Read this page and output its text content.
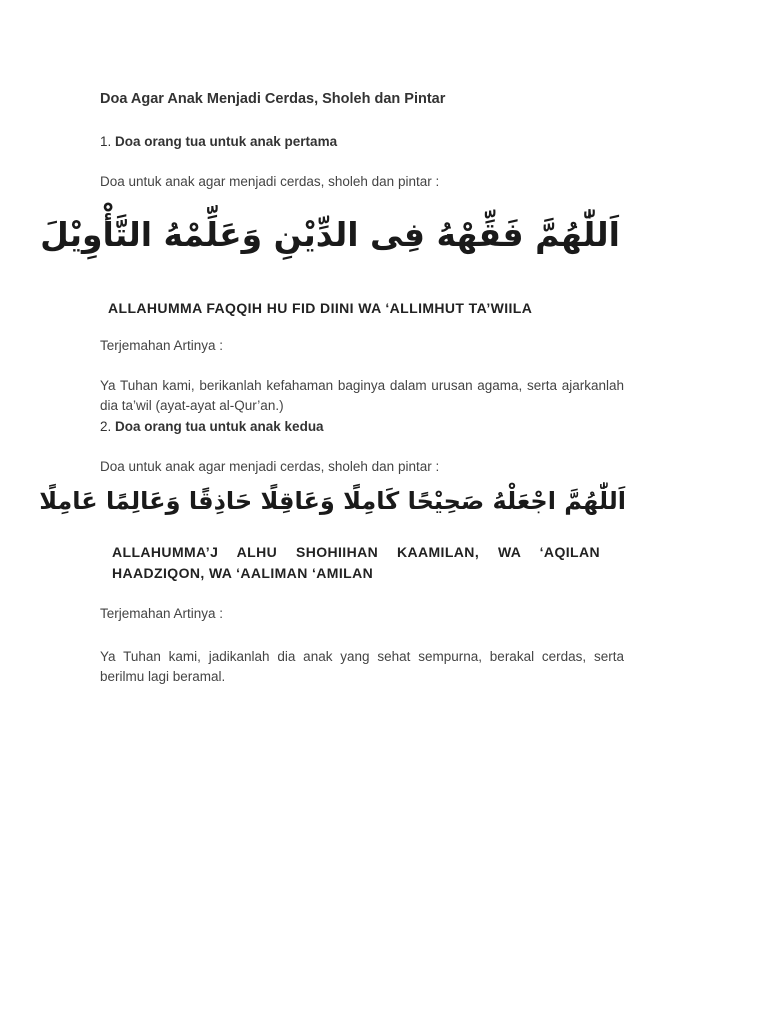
Doa Agar Anak Menjadi Cerdas, Sholeh dan Pintar

1. Doa orang tua untuk anak pertama

Doa untuk anak agar menjadi cerdas, sholeh dan pintar :

اَللّٰهُمَّ فَقِّهْهُ فِى الدِّيْنِ وَعَلِّمْهُ التَّأْوِيْلَ

ALLAHUMMA FAQQIH HU FID DIINI WA ‘ALLIMHUT TA’WIILA

Terjemahan Artinya :

Ya Tuhan kami, berikanlah kefahaman baginya dalam urusan agama, serta ajarkanlah dia ta’wil (ayat-ayat al-Qur’an.)

2. Doa orang tua untuk anak kedua

Doa untuk anak agar menjadi cerdas, sholeh dan pintar :

اَللّٰهُمَّ اجْعَلْهُ صَحِيْحًا كَامِلًا وَعَاقِلًا حَاذِقًا وَعَالِمًا عَامِلًا

ALLAHUMMA’J ALHU SHOHIIHAN KAAMILAN, WA ‘AQILAN HAADZIQON, WA ‘AALIMAN ‘AMILAN

Terjemahan Artinya :

Ya Tuhan kami, jadikanlah dia anak yang sehat sempurna, berakal cerdas, serta berilmu lagi beramal.
